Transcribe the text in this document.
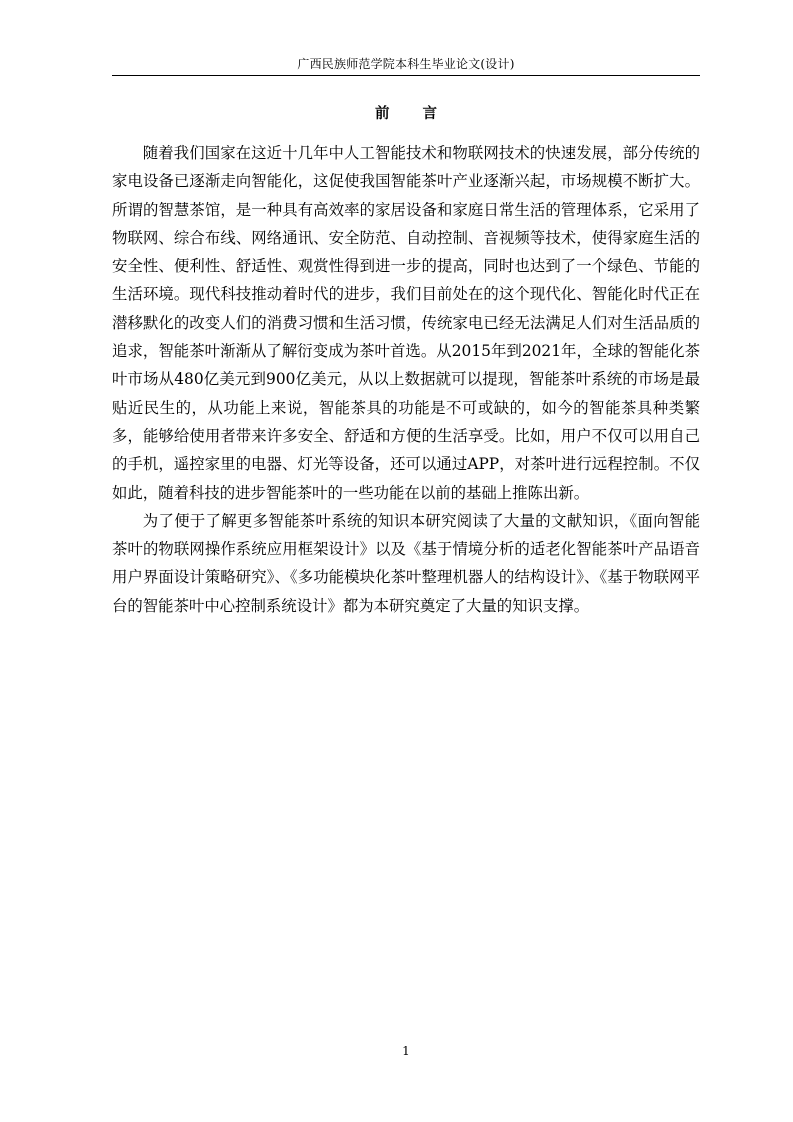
广西民族师范学院本科生毕业论文(设计)
前 言

随着我们国家在这近十几年中人工智能技术和物联网技术的快速发展，部分传统的家电设备已逐渐走向智能化，这促使我国智能茶叶产业逐渐兴起，市场规模不断扩大。所谓的智慧茶馆，是一种具有高效率的家居设备和家庭日常生活的管理体系，它采用了物联网、综合布线、网络通讯、安全防范、自动控制、音视频等技术，使得家庭生活的安全性、便利性、舒适性、观赏性得到进一步的提高，同时也达到了一个绿色、节能的生活环境。现代科技推动着时代的进步，我们目前处在的这个现代化、智能化时代正在潜移默化的改变人们的消费习惯和生活习惯，传统家电已经无法满足人们对生活品质的追求，智能茶叶渐渐从了解衍变成为茶叶首选。从2015年到2021年，全球的智能化茶叶市场从480亿美元到900亿美元，从以上数据就可以提现，智能茶叶系统的市场是最贴近民生的，从功能上来说，智能茶具的功能是不可或缺的，如今的智能茶具种类繁多，能够给使用者带来许多安全、舒适和方便的生活享受。比如，用户不仅可以用自己的手机，遥控家里的电器、灯光等设备，还可以通过APP，对茶叶进行远程控制。不仅如此，随着科技的进步智能茶叶的一些功能在以前的基础上推陈出新。

为了便于了解更多智能茶叶系统的知识本研究阅读了大量的文献知识，《面向智能茶叶的物联网操作系统应用框架设计》以及《基于情境分析的适老化智能茶叶产品语音用户界面设计策略研究》、《多功能模块化茶叶整理机器人的结构设计》、《基于物联网平台的智能茶叶中心控制系统设计》都为本研究奠定了大量的知识支撑。

1
